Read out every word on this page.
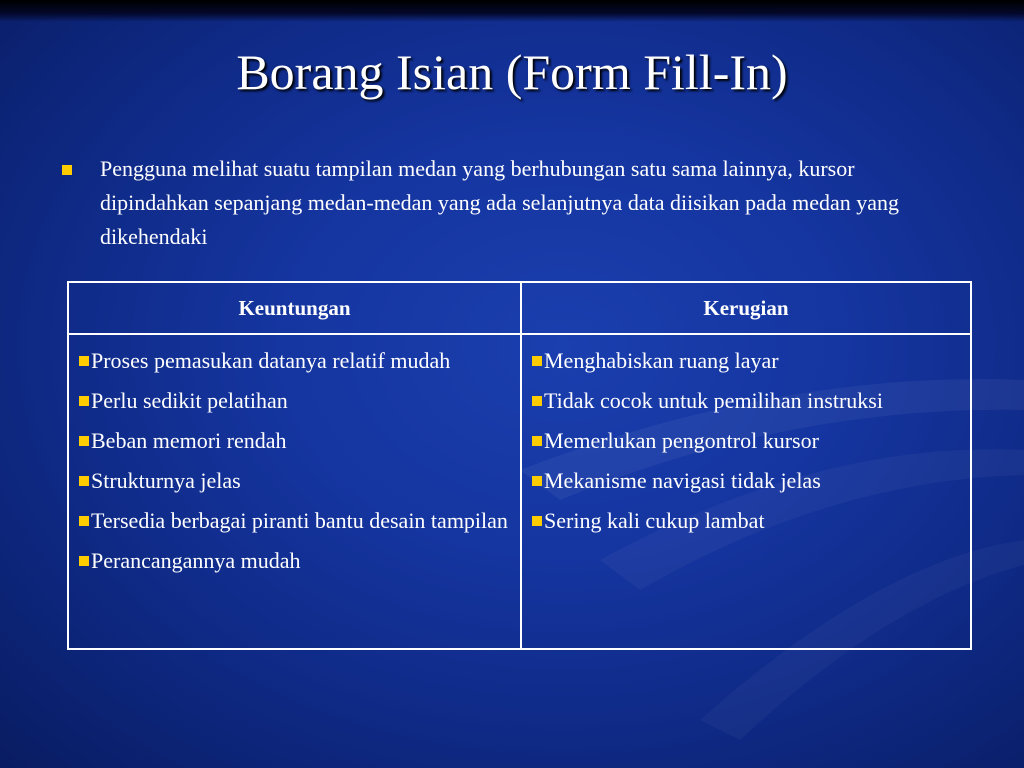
Borang Isian (Form Fill-In)
Pengguna melihat suatu tampilan medan yang berhubungan satu sama lainnya, kursor dipindahkan sepanjang medan-medan yang ada selanjutnya data diisikan pada medan yang dikehendaki
Keuntungan	Kerugian
Proses pemasukan datanya relatif mudah
Perlu sedikit pelatihan
Beban memori rendah
Strukturnya jelas
Tersedia berbagai piranti bantu desain tampilan
Perancangannya mudah
Menghabiskan ruang layar
Tidak cocok untuk pemilihan instruksi
Memerlukan pengontrol kursor
Mekanisme navigasi tidak jelas
Sering kali cukup lambat
